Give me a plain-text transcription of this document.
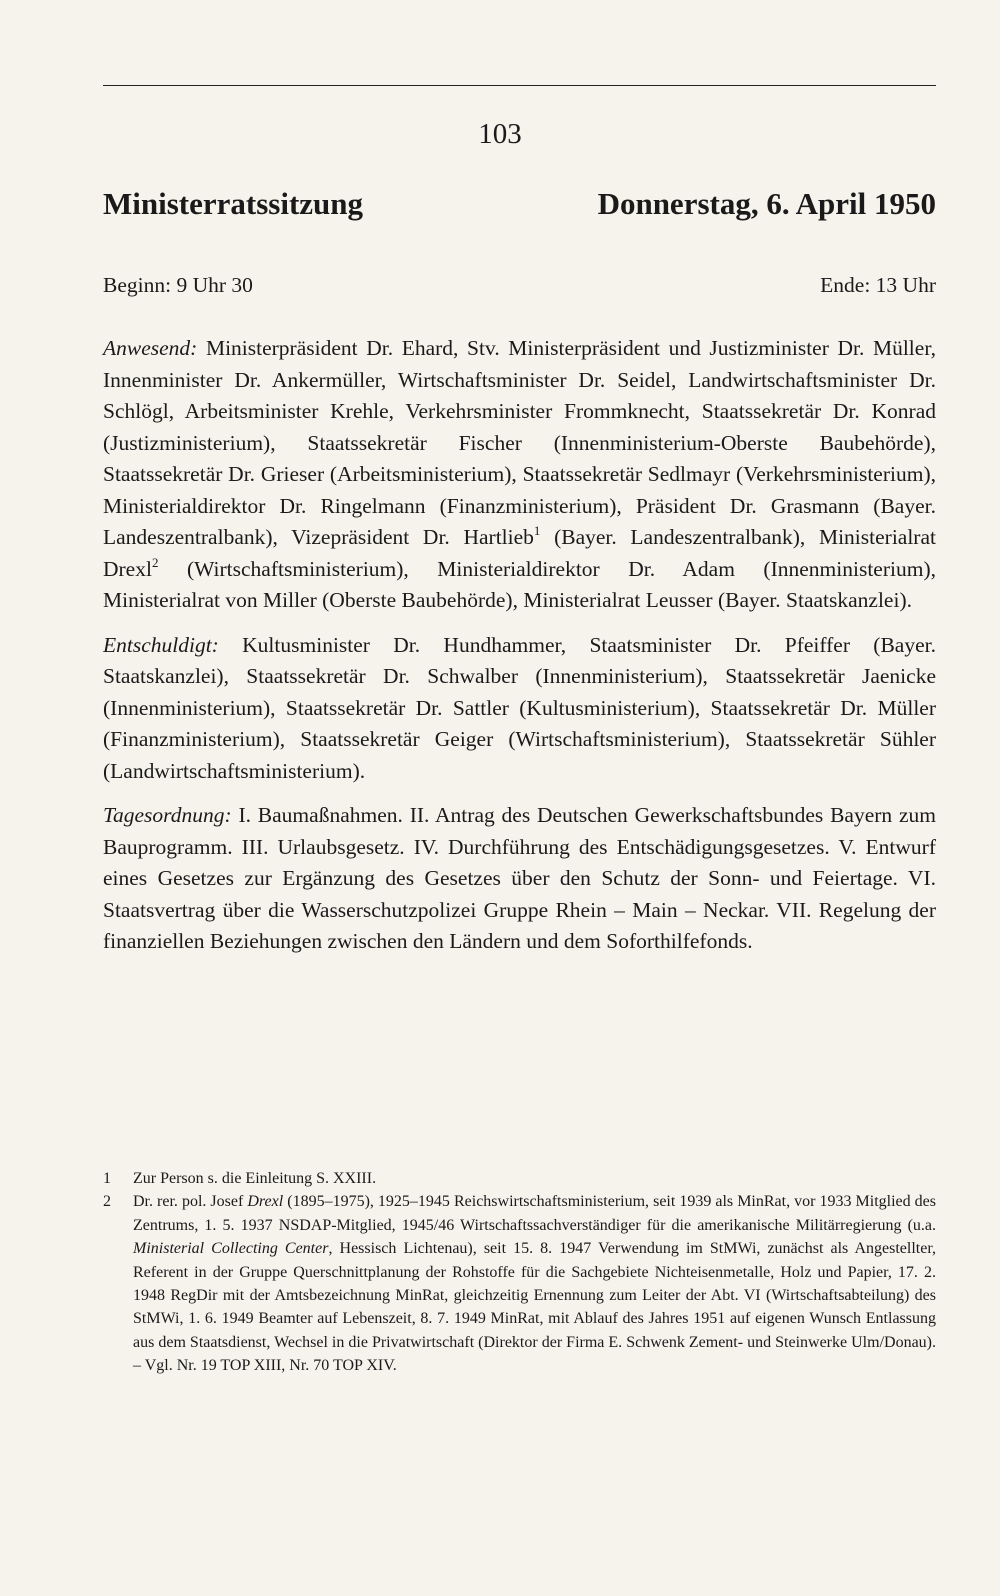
103
Ministerratssitzung	Donnerstag, 6. April 1950
Beginn: 9 Uhr 30	Ende: 13 Uhr

Anwesend: Ministerpräsident Dr. Ehard, Stv. Ministerpräsident und Justizminister Dr. Müller, Innenminister Dr. Ankermüller, Wirtschaftsminister Dr. Seidel, Landwirtschaftsminister Dr. Schlögl, Arbeitsminister Krehle, Verkehrsminister Frommknecht, Staatssekretär Dr. Konrad (Justizministerium), Staatssekretär Fischer (Innenministerium-Oberste Baubehörde), Staatssekretär Dr. Grieser (Arbeitsministerium), Staatssekretär Sedlmayr (Verkehrsministerium), Ministerialdirektor Dr. Ringelmann (Finanzministerium), Präsident Dr. Grasmann (Bayer. Landeszentralbank), Vizepräsident Dr. Hartlieb$^1$ (Bayer. Landeszentralbank), Ministerialrat Drexl$^2$ (Wirtschaftsministerium), Ministerialdirektor Dr. Adam (Innenministerium), Ministerialrat von Miller (Oberste Baubehörde), Ministerialrat Leusser (Bayer. Staatskanzlei).

Entschuldigt: Kultusminister Dr. Hundhammer, Staatsminister Dr. Pfeiffer (Bayer. Staatskanzlei), Staatssekretär Dr. Schwalber (Innenministerium), Staatssekretär Jaenicke (Innenministerium), Staatssekretär Dr. Sattler (Kultusministerium), Staatssekretär Dr. Müller (Finanzministerium), Staatssekretär Geiger (Wirtschaftsministerium), Staatssekretär Sühler (Landwirtschaftsministerium).

Tagesordnung: I. Baumaßnahmen. II. Antrag des Deutschen Gewerkschaftsbundes Bayern zum Bauprogramm. III. Urlaubsgesetz. IV. Durchführung des Entschädigungsgesetzes. V. Entwurf eines Gesetzes zur Ergänzung des Gesetzes über den Schutz der Sonn- und Feiertage. VI. Staatsvertrag über die Wasserschutzpolizei Gruppe Rhein – Main – Neckar. VII. Regelung der finanziellen Beziehungen zwischen den Ländern und dem Soforthilfefonds.

1	Zur Person s. die Einleitung S. XXIII.
2	Dr. rer. pol. Josef Drexl (1895–1975), 1925–1945 Reichswirtschaftsministerium, seit 1939 als MinRat, vor 1933 Mitglied des Zentrums, 1. 5. 1937 NSDAP-Mitglied, 1945/46 Wirtschaftssachverständiger für die amerikanische Militärregierung (u.a. Ministerial Collecting Center, Hessisch Lichtenau), seit 15. 8. 1947 Verwendung im StMWi, zunächst als Angestellter, Referent in der Gruppe Querschnittplanung der Rohstoffe für die Sachgebiete Nichteisenmetalle, Holz und Papier, 17. 2. 1948 RegDir mit der Amtsbezeichnung MinRat, gleichzeitig Ernennung zum Leiter der Abt. VI (Wirtschaftsabteilung) des StMWi, 1. 6. 1949 Beamter auf Lebenszeit, 8. 7. 1949 MinRat, mit Ablauf des Jahres 1951 auf eigenen Wunsch Entlassung aus dem Staatsdienst, Wechsel in die Privatwirtschaft (Direktor der Firma E. Schwenk Zement- und Steinwerke Ulm/Donau). – Vgl. Nr. 19 TOP XIII, Nr. 70 TOP XIV.
